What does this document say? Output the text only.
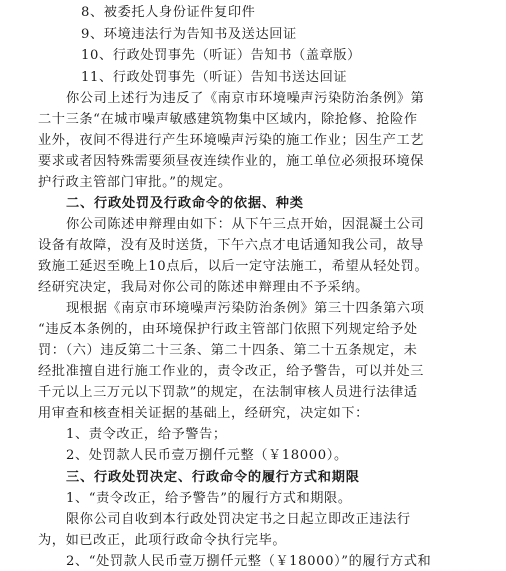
8、被委托人身份证件复印件
9、环境违法行为告知书及送达回证
10、行政处罚事先（听证）告知书（盖章版）
11、行政处罚事先（听证）告知书送达回证
你公司上述行为违反了《南京市环境噪声污染防治条例》第
二十三条“在城市噪声敏感建筑物集中区域内，除抢修、抢险作
业外，夜间不得进行产生环境噪声污染的施工作业；因生产工艺
要求或者因特殊需要须昼夜连续作业的，施工单位必须报环境保
护行政主管部门审批。”的规定。
二、行政处罚及行政命令的依据、种类
你公司陈述申辩理由如下：从下午三点开始，因混凝土公司
设备有故障，没有及时送货，下午六点才电话通知我公司，故导
致施工延迟至晚上10点后，以后一定守法施工，希望从轻处罚。
经研究决定，我局对你公司的陈述申辩理由不予采纳。
现根据《南京市环境噪声污染防治条例》第三十四条第六项
“违反本条例的，由环境保护行政主管部门依照下列规定给予处
罚：（六）违反第二十三条、第二十四条、第二十五条规定，未
经批准擅自进行施工作业的，责令改正，给予警告，可以并处三
千元以上三万元以下罚款”的规定，在法制审核人员进行法律适
用审查和核查相关证据的基础上，经研究，决定如下：
1、责令改正，给予警告；
2、处罚款人民币壹万捌仟元整（￥18000）。
三、行政处罚决定、行政命令的履行方式和期限
1、“责令改正，给予警告”的履行方式和期限。
限你公司自收到本行政处罚决定书之日起立即改正违法行
为，如已改正，此项行政命令执行完毕。
2、“处罚款人民币壹万捌仟元整（￥18000）”的履行方式和
